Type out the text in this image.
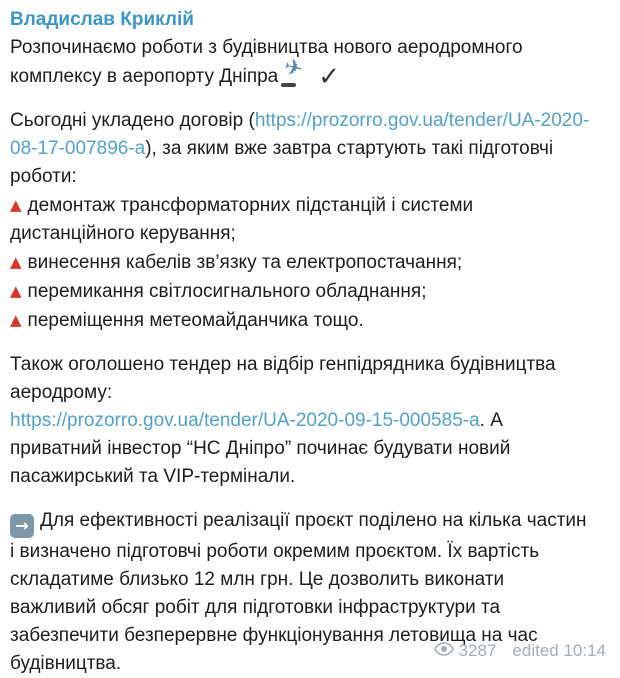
Владислав Криклій
Розпочинаємо роботи з будівництва нового аеродромного комплексу в аеропорту Дніпра ✈ ✓
Сьогодні укладено договір (https://prozorro.gov.ua/tender/UA-2020-08-17-007896-a), за яким вже завтра стартують такі підготовчі роботи:
▲ демонтаж трансформаторних підстанцій і системи дистанційного керування;
▲ винесення кабелів зв’язку та електропостачання;
▲ перемикання світлосигнального обладнання;
▲ переміщення метеомайданчика тощо.
Також оголошено тендер на відбір генпідрядника будівництва аеродрому:
https://prozorro.gov.ua/tender/UA-2020-09-15-000585-a. А приватний інвестор “НС Дніпро” починає будувати новий пасажирський та VIP-термінали.
→ Для ефективності реалізації проєкт поділено на кілька частин і визначено підготовчі роботи окремим проєктом. Їх вартість складатиме близько 12 млн грн. Це дозволить виконати важливий обсяг робіт для підготовки інфраструктури та забезпечити безперервне функціонування летовища на час будівництва.
3287 edited 10:14
